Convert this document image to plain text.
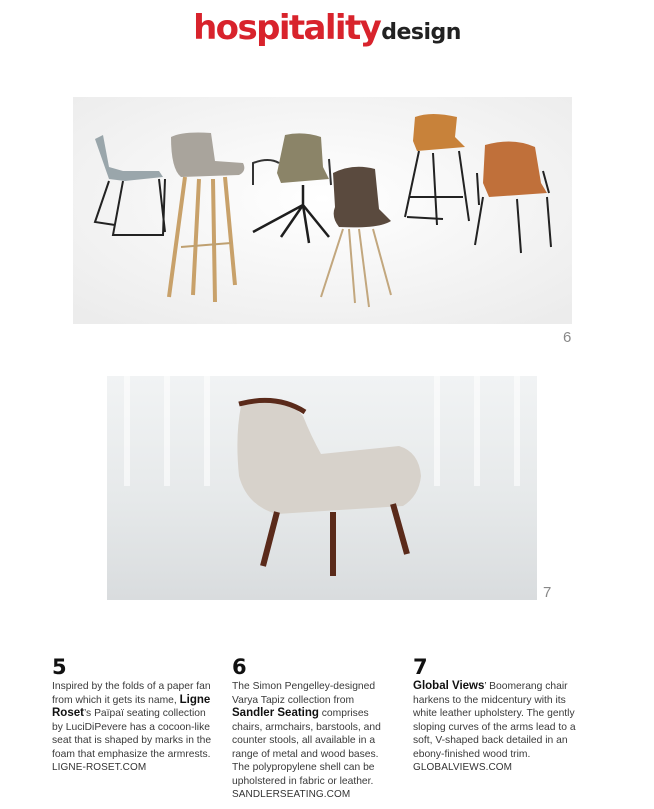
hospitalitydesign
6
7
5
Inspired by the folds of a paper fan from which it gets its name, Ligne Roset’s Païpaï seating collection by LuciDiPevere has a cocoon-like seat that is shaped by marks in the foam that emphasize the armrests.
LIGNE-ROSET.COM
6
The Simon Pengelley-designed Varya Tapiz collection from Sandler Seating comprises chairs, armchairs, barstools, and counter stools, all available in a range of metal and wood bases. The polypropylene shell can be upholstered in fabric or leather.
SANDLERSEATING.COM
7
Global Views’ Boomerang chair harkens to the midcentury with its white leather upholstery. The gently sloping curves of the arms lead to a soft, V-shaped back detailed in an ebony-finished wood trim.
GLOBALVIEWS.COM
